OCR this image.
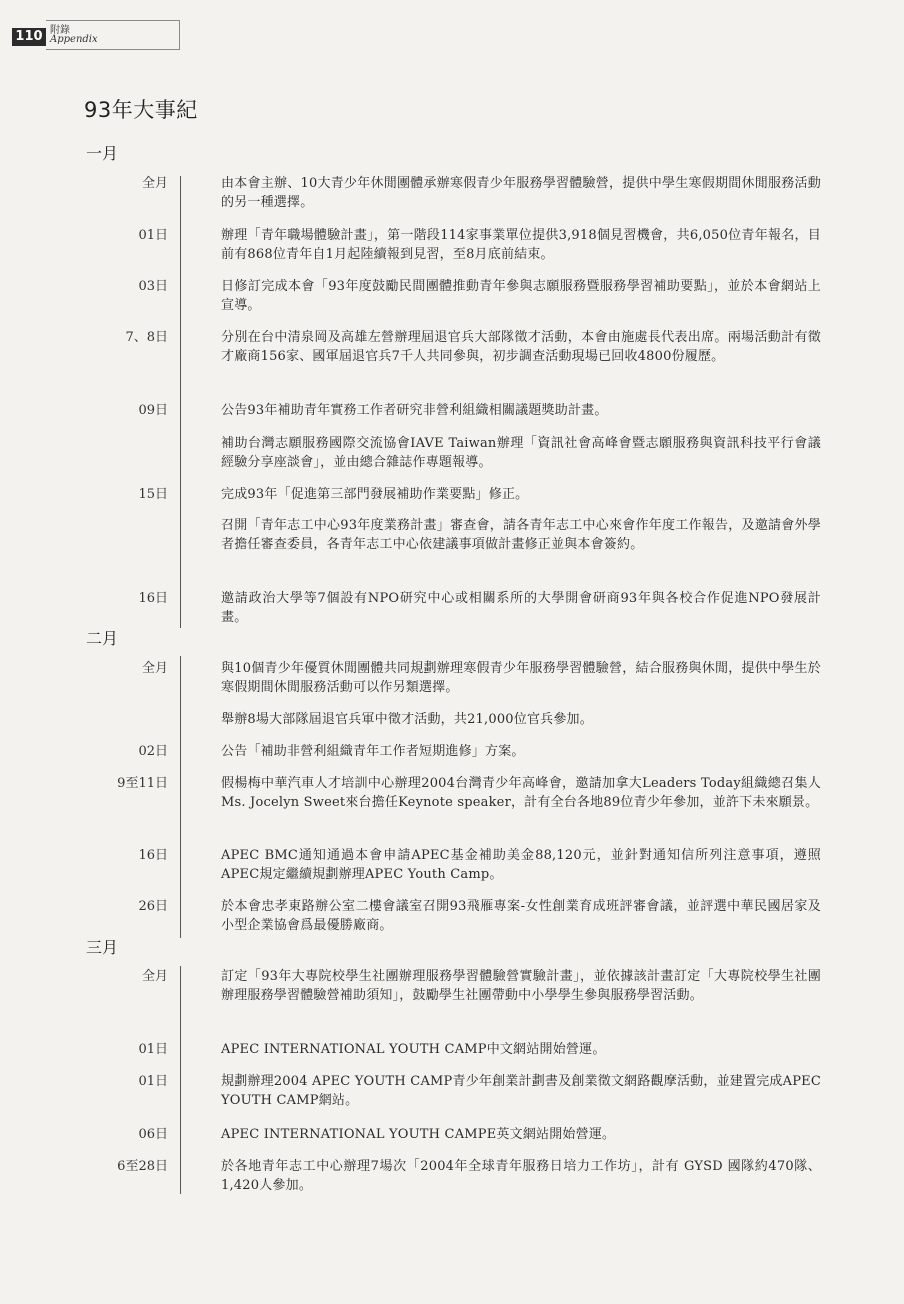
110 附錄
Appendix
93年大事紀
一月
全月	由本會主辦、10大青少年休閒團體承辦寒假青少年服務學習體驗營，提供中學生寒假期間休閒服務活動的另一種選擇。
01日	辦理「青年職場體驗計畫」，第一階段114家事業單位提供3,918個見習機會，共6,050位青年報名，目前有868位青年自1月起陸續報到見習，至8月底前結束。
03日	日修訂完成本會「93年度鼓勵民間團體推動青年參與志願服務暨服務學習補助要點」，並於本會網站上宣導。
7、8日	分別在台中清泉岡及高雄左營辦理屆退官兵大部隊徵才活動，本會由施處長代表出席。兩場活動計有徵才廠商156家、國軍屆退官兵7千人共同參與，初步調查活動現場已回收4800份履歷。
09日	公告93年補助青年實務工作者研究非營利組織相關議題獎助計畫。
補助台灣志願服務國際交流協會IAVE Taiwan辦理「資訊社會高峰會暨志願服務與資訊科技平行會議經驗分享座談會」，並由總合雜誌作專題報導。
15日	完成93年「促進第三部門發展補助作業要點」修正。
召開「青年志工中心93年度業務計畫」審查會，請各青年志工中心來會作年度工作報告，及邀請會外學者擔任審查委員，各青年志工中心依建議事項做計畫修正並與本會簽約。
16日	邀請政治大學等7個設有NPO研究中心或相關系所的大學開會研商93年與各校合作促進NPO發展計畫。
二月
全月	與10個青少年優質休閒團體共同規劃辦理寒假青少年服務學習體驗營，結合服務與休閒，提供中學生於寒假期間休閒服務活動可以作另類選擇。
舉辦8場大部隊屆退官兵軍中徵才活動，共21,000位官兵參加。
02日	公告「補助非營利組織青年工作者短期進修」方案。
9至11日	假楊梅中華汽車人才培訓中心辦理2004台灣青少年高峰會，邀請加拿大Leaders Today組織總召集人Ms. Jocelyn Sweet來台擔任Keynote speaker，計有全台各地89位青少年參加，並許下未來願景。
16日	APEC BMC通知通過本會申請APEC基金補助美金88,120元，並針對通知信所列注意事項，遵照APEC規定繼續規劃辦理APEC Youth Camp。
26日	於本會忠孝東路辦公室二樓會議室召開93飛雁專案-女性創業育成班評審會議，並評選中華民國居家及小型企業協會爲最優勝廠商。
三月
全月	訂定「93年大專院校學生社團辦理服務學習體驗營實驗計畫」，並依據該計畫訂定「大專院校學生社團辦理服務學習體驗營補助須知」，鼓勵學生社團帶動中小學學生參與服務學習活動。
01日	APEC INTERNATIONAL YOUTH CAMP中文網站開始營運。
01日	規劃辦理2004 APEC YOUTH CAMP青少年創業計劃書及創業徵文網路觀摩活動，並建置完成APEC YOUTH CAMP網站。
06日	APEC INTERNATIONAL YOUTH CAMPE英文網站開始營運。
6至28日	於各地青年志工中心辦理7場次「2004年全球青年服務日培力工作坊」，計有 GYSD 國隊約470隊、1,420人參加。
